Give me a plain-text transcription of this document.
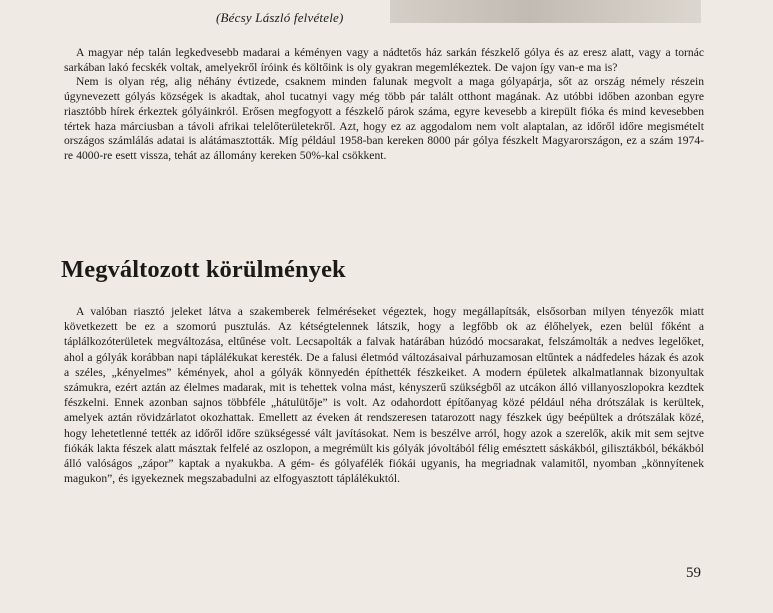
(Bécsy László felvétele)

A magyar nép talán legkedvesebb madarai a kéményen vagy a nádtetős ház sarkán fészkelő gólya és az eresz alatt, vagy a tornác sarkában lakó fecskék voltak, amelyekről íróink és költőink is oly gyakran megemlékeztek. De vajon így van-e ma is?

Nem is olyan rég, alig néhány évtizede, csaknem minden falunak megvolt a maga gólyapárja, sőt az ország némely részein úgynevezett gólyás községek is akadtak, ahol tucatnyi vagy még több pár talált otthont magának. Az utóbbi időben azonban egyre riasztóbb hírek érkeztek gólyáinkról. Erősen megfogyott a fészkelő párok száma, egyre kevesebb a kirepült fióka és mind kevesebben tértek haza márciusban a távoli afrikai telelőterületekről. Azt, hogy ez az aggodalom nem volt alaptalan, az időről időre megismételt országos számlálás adatai is alátámasztották. Míg például 1958-ban kereken 8000 pár gólya fészkelt Magyarországon, ez a szám 1974-re 4000-re esett vissza, tehát az állomány kereken 50%-kal csökkent.

Megváltozott körülmények

A valóban riasztó jeleket látva a szakemberek felméréseket végeztek, hogy megállapítsák, elsősorban milyen tényezők miatt következett be ez a szomorú pusztulás. Az kétségtelennek látszik, hogy a legfőbb ok az élőhelyek, ezen belül főként a táplálkozóterületek megváltozása, eltűnése volt. Lecsapolták a falvak határában húzódó mocsarakat, felszámolták a nedves legelőket, ahol a gólyák korábban napi táplálékukat keresték. De a falusi életmód változásaival párhuzamosan eltűntek a nádfedeles házak és azok a széles, „kényelmes” kémények, ahol a gólyák könnyedén építhették fészkeiket. A modern épületek alkalmatlannak bizonyultak számukra, ezért aztán az élelmes madarak, mit is tehettek volna mást, kényszerű szükségből az utcákon álló villanyoszlopokra kezdtek fészkelni. Ennek azonban sajnos többféle „hátulütője” is volt. Az odahordott építőanyag közé például néha drótszálak is kerültek, amelyek aztán rövidzárlatot okozhattak. Emellett az éveken át rendszeresen tatarozott nagy fészkek úgy beépültek a drótszálak közé, hogy lehetetlenné tették az időről időre szükségessé vált javításokat. Nem is beszélve arról, hogy azok a szerelők, akik mit sem sejtve fiókák lakta fészek alatt másztak felfelé az oszlopon, a megrémült kis gólyák jóvoltából félig emésztett sáskákból, gilisztákból, békákból álló valóságos „zápor” kaptak a nyakukba. A gém- és gólyafélék fiókái ugyanis, ha megriadnak valamitől, nyomban „könnyítenek magukon”, és igyekeznek megszabadulni az elfogyasztott táplálékuktól.

59
